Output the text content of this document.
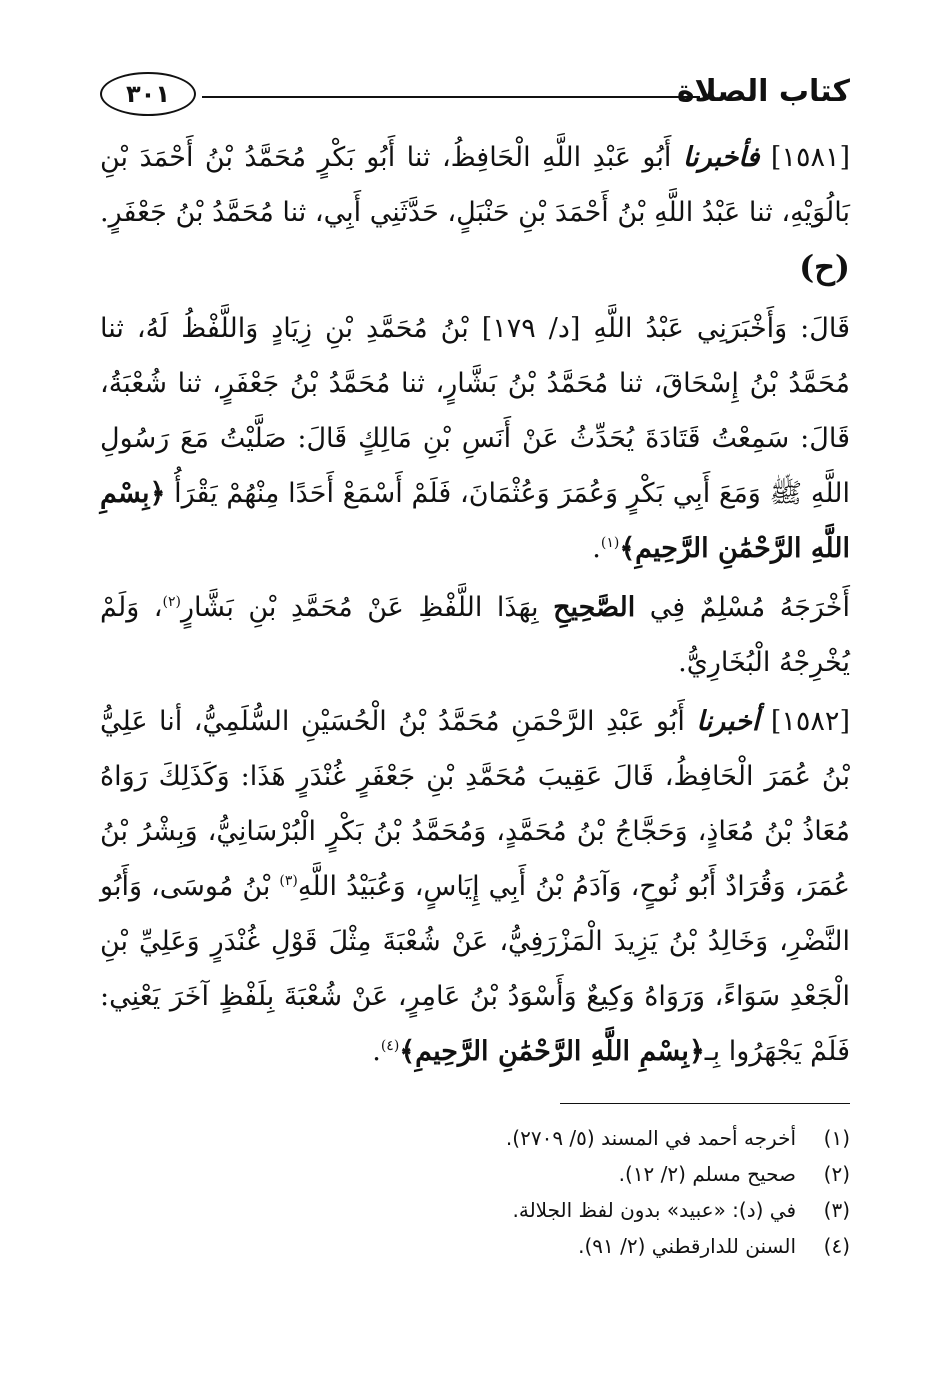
كتاب الصلاة
٣٠١

[١٥٨١] فأخبرنا أَبُو عَبْدِ اللَّهِ الْحَافِظُ، ثنا أَبُو بَكْرٍ مُحَمَّدُ بْنُ أَحْمَدَ بْنِ بَالُوَيْهِ، ثنا عَبْدُ اللَّهِ بْنُ أَحْمَدَ بْنِ حَنْبَلٍ، حَدَّثَنِي أَبِي، ثنا مُحَمَّدُ بْنُ جَعْفَرٍ. (ح)

قَالَ: وَأَخْبَرَنِي عَبْدُ اللَّهِ [د/ ١٧٩] بْنُ مُحَمَّدِ بْنِ زِيَادٍ وَاللَّفْظُ لَهُ، ثنا مُحَمَّدُ بْنُ إِسْحَاقَ، ثنا مُحَمَّدُ بْنُ بَشَّارٍ، ثنا مُحَمَّدُ بْنُ جَعْفَرٍ، ثنا شُعْبَةُ، قَالَ: سَمِعْتُ قَتَادَةَ يُحَدِّثُ عَنْ أَنَسِ بْنِ مَالِكٍ قَالَ: صَلَّيْتُ مَعَ رَسُولِ اللَّهِ ﷺ وَمَعَ أَبِي بَكْرٍ وَعُمَرَ وَعُثْمَانَ، فَلَمْ أَسْمَعْ أَحَدًا مِنْهُمْ يَقْرَأُ ﴿بِسْمِ اللَّهِ الرَّحْمَٰنِ الرَّحِيمِ﴾$^{(١)}$.

أَخْرَجَهُ مُسْلِمٌ فِي الصَّحِيحِ بِهَذَا اللَّفْظِ عَنْ مُحَمَّدِ بْنِ بَشَّارٍ$^{(٢)}$، وَلَمْ يُخْرِجْهُ الْبُخَارِيُّ.

[١٥٨٢] أخبرنا أَبُو عَبْدِ الرَّحْمَنِ مُحَمَّدُ بْنُ الْحُسَيْنِ السُّلَمِيُّ، أنا عَلِيُّ بْنُ عُمَرَ الْحَافِظُ، قَالَ عَقِيبَ مُحَمَّدِ بْنِ جَعْفَرٍ غُنْدَرٍ هَذَا: وَكَذَلِكَ رَوَاهُ مُعَاذُ بْنُ مُعَاذٍ، وَحَجَّاجُ بْنُ مُحَمَّدٍ، وَمُحَمَّدُ بْنُ بَكْرٍ الْبُرْسَانِيُّ، وَبِشْرُ بْنُ عُمَرَ، وَقُرَادٌ أَبُو نُوحٍ، وَآدَمُ بْنُ أَبِي إِيَاسٍ، وَعُبَيْدُ اللَّهِ$^{(٣)}$ بْنُ مُوسَى، وَأَبُو النَّضْرِ، وَخَالِدُ بْنُ يَزِيدَ الْمَزْرَفِيُّ، عَنْ شُعْبَةَ مِثْلَ قَوْلِ غُنْدَرٍ وَعَلِيِّ بْنِ الْجَعْدِ سَوَاءً، وَرَوَاهُ وَكِيعٌ وَأَسْوَدُ بْنُ عَامِرٍ، عَنْ شُعْبَةَ بِلَفْظٍ آخَرَ يَعْنِي: فَلَمْ يَجْهَرُوا بِـ﴿بِسْمِ اللَّهِ الرَّحْمَٰنِ الرَّحِيمِ﴾$^{(٤)}$.

(١)
أخرجه أحمد في المسند (٥/ ٢٧٠٩).
(٢)
صحيح مسلم (٢/ ١٢).
(٣)
في (د): «عبيد» بدون لفظ الجلالة.
(٤)
السنن للدارقطني (٢/ ٩١).
